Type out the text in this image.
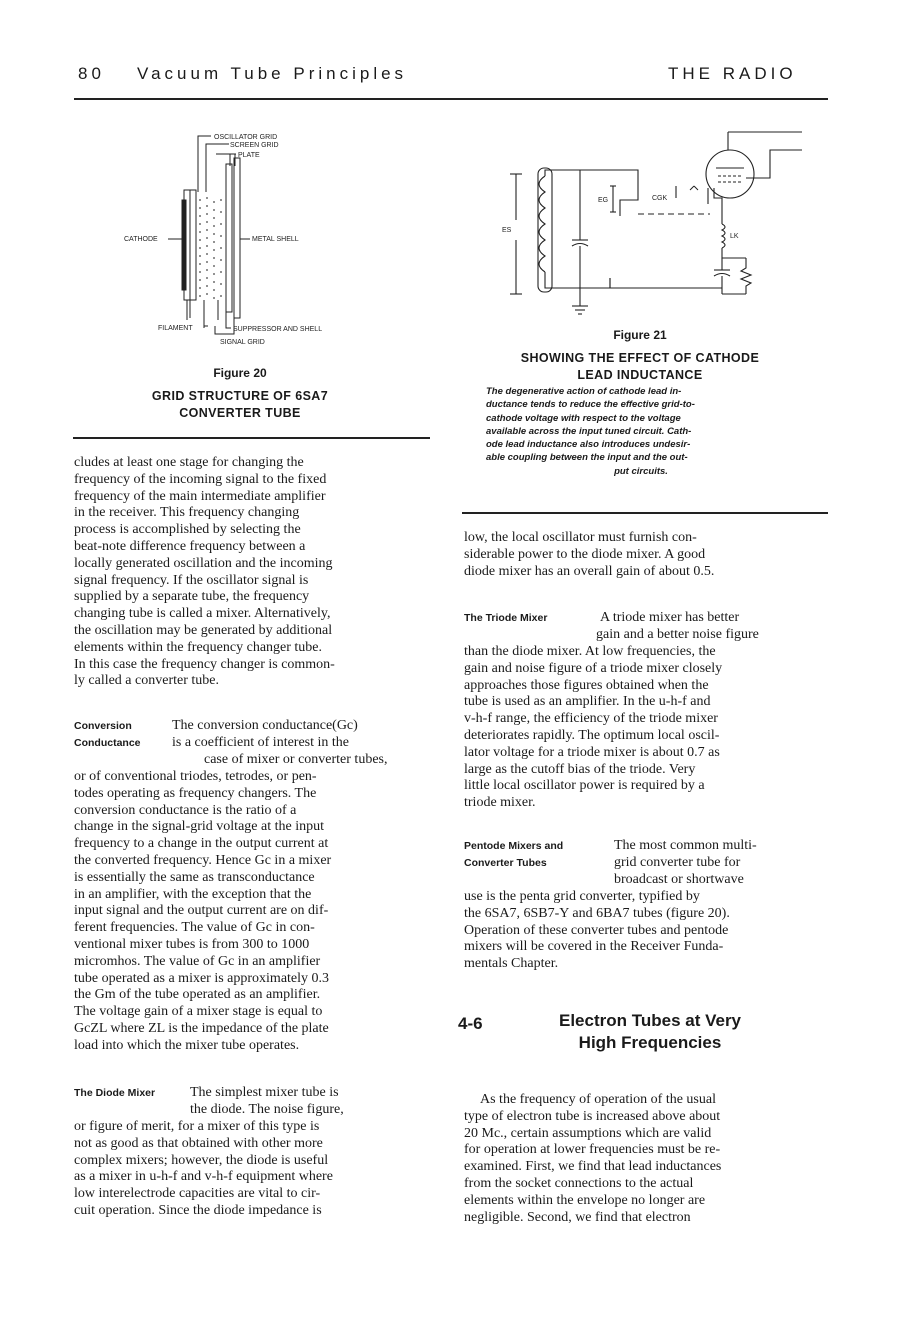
80 Vacuum Tube Principles	THE RADIO
OSCILLATOR GRID
SCREEN GRID
PLATE
CATHODE	METAL SHELL
FILAMENT	SUPPRESSOR AND SHELL
SIGNAL GRID
Figure 20
GRID STRUCTURE OF 6SA7
CONVERTER TUBE
EG	CGK
ES
LK
Figure 21
SHOWING THE EFFECT OF CATHODE
LEAD INDUCTANCE
The degenerative action of cathode lead in-
ductance tends to reduce the effective grid-to-
cathode voltage with respect to the voltage
available across the input tuned circuit. Cath-
ode lead inductance also introduces undesir-
able coupling between the input and the out-
put circuits.
cludes at least one stage for changing the
frequency of the incoming signal to the fixed
frequency of the main intermediate amplifier
in the receiver. This frequency changing
process is accomplished by selecting the
beat-note difference frequency between a
locally generated oscillation and the incoming
signal frequency. If the oscillator signal is
supplied by a separate tube, the frequency
changing tube is called a mixer. Alternatively,
the oscillation may be generated by additional
elements within the frequency changer tube.
In this case the frequency changer is common-
ly called a converter tube.
Conversion
Conductance
The conversion conductance(Gc)
is a coefficient of interest in the
case of mixer or converter tubes,
or of conventional triodes, tetrodes, or pen-
todes operating as frequency changers. The
conversion conductance is the ratio of a
change in the signal-grid voltage at the input
frequency to a change in the output current at
the converted frequency. Hence Gc in a mixer
is essentially the same as transconductance
in an amplifier, with the exception that the
input signal and the output current are on dif-
ferent frequencies. The value of Gc in con-
ventional mixer tubes is from 300 to 1000
micromhos. The value of Gc in an amplifier
tube operated as a mixer is approximately 0.3
the Gm of the tube operated as an amplifier.
The voltage gain of a mixer stage is equal to
GcZL where ZL is the impedance of the plate
load into which the mixer tube operates.
The Diode Mixer The simplest mixer tube is
the diode. The noise figure,
or figure of merit, for a mixer of this type is
not as good as that obtained with other more
complex mixers; however, the diode is useful
as a mixer in u-h-f and v-h-f equipment where
low interelectrode capacities are vital to cir-
cuit operation. Since the diode impedance is
low, the local oscillator must furnish con-
siderable power to the diode mixer. A good
diode mixer has an overall gain of about 0.5.
The Triode Mixer	A triode mixer has better
gain and a better noise figure
than the diode mixer. At low frequencies, the
gain and noise figure of a triode mixer closely
approaches those figures obtained when the
tube is used as an amplifier. In the u-h-f and
v-h-f range, the efficiency of the triode mixer
deteriorates rapidly. The optimum local oscil-
lator voltage for a triode mixer is about 0.7 as
large as the cutoff bias of the triode. Very
little local oscillator power is required by a
triode mixer.
Pentode Mixers and
Converter Tubes
The most common multi-
grid converter tube for
broadcast or shortwave
use is the penta grid converter, typified by
the 6SA7, 6SB7-Y and 6BA7 tubes (figure 20).
Operation of these converter tubes and pentode
mixers will be covered in the Receiver Funda-
mentals Chapter.
4-6	Electron Tubes at Very
High Frequencies
As the frequency of operation of the usual
type of electron tube is increased above about
20 Mc., certain assumptions which are valid
for operation at lower frequencies must be re-
examined. First, we find that lead inductances
from the socket connections to the actual
elements within the envelope no longer are
negligible. Second, we find that electron
